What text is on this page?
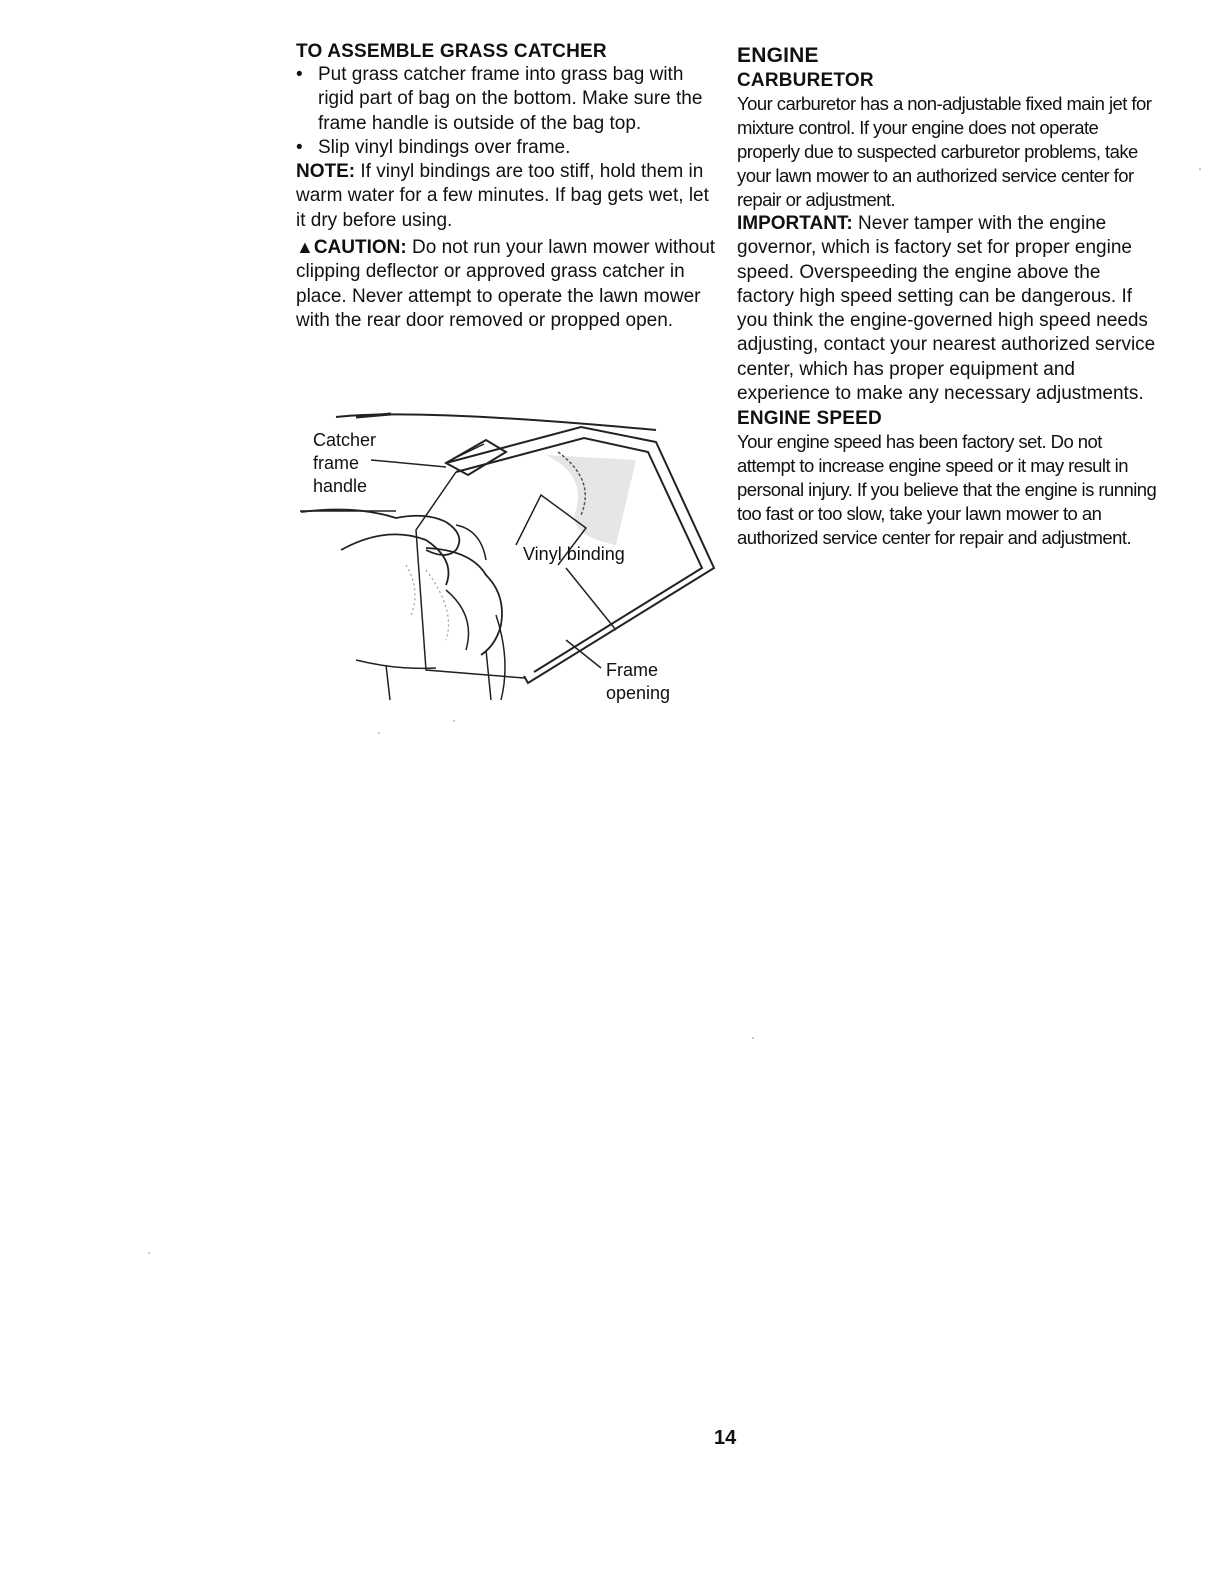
TO ASSEMBLE GRASS CATCHER

• Put grass catcher frame into grass bag with rigid part of bag on the bottom. Make sure the frame handle is outside of the bag top.
• Slip vinyl bindings over frame.

NOTE: If vinyl bindings are too stiff, hold them in warm water for a few minutes. If bag gets wet, let it dry before using.

▲CAUTION: Do not run your lawn mower without clipping deflector or approved grass catcher in place. Never attempt to operate the lawn mower with the rear door removed or propped open.

Catcher
frame
handle
Vinyl binding
Frame
opening

ENGINE

CARBURETOR

Your carburetor has a non-adjustable fixed main jet for mixture control. If your engine does not operate properly due to suspected carburetor problems, take your lawn mower to an authorized service center for repair or adjustment.

IMPORTANT: Never tamper with the engine governor, which is factory set for proper engine speed. Overspeeding the engine above the factory high speed setting can be dangerous. If you think the engine-governed high speed needs adjusting, contact your nearest authorized service center, which has proper equipment and experience to make any necessary adjustments.

ENGINE SPEED

Your engine speed has been factory set. Do not attempt to increase engine speed or it may result in personal injury. If you believe that the engine is running too fast or too slow, take your lawn mower to an authorized service center for repair and adjustment.

14
